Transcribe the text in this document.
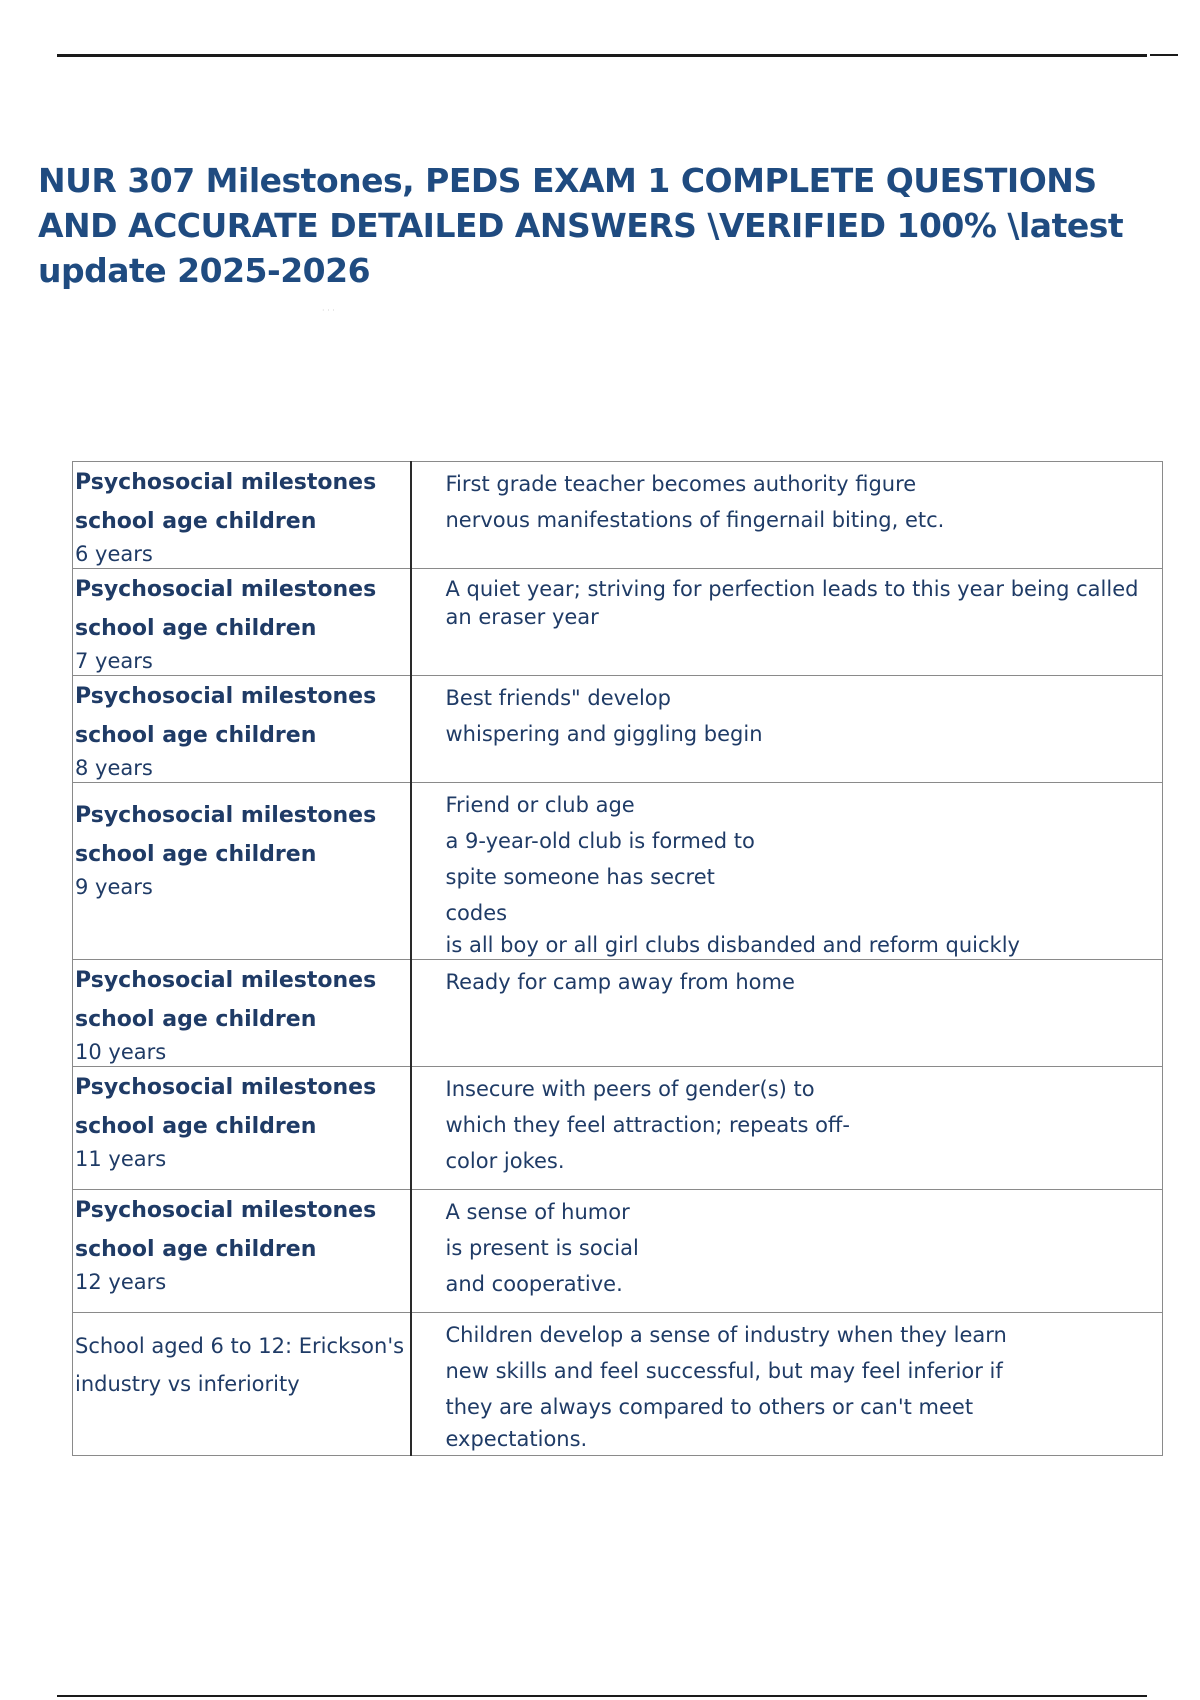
NUR 307 Milestones, PEDS EXAM 1 COMPLETE QUESTIONS AND ACCURATE DETAILED ANSWERS \VERIFIED 100% \latest update 2025-2026
· · ·
Psychosocial milestones
school age children
6 years	First grade teacher becomes authority figure
nervous manifestations of fingernail biting, etc.

Psychosocial milestones
school age children
7 years	A quiet year; striving for perfection leads to this year being called
an eraser year

Psychosocial milestones
school age children
8 years	Best friends" develop
whispering and giggling begin

Psychosocial milestones
school age children
9 years	Friend or club age
a 9-year-old club is formed to
spite someone has secret
codes
is all boy or all girl clubs disbanded and reform quickly

Psychosocial milestones
school age children
10 years	Ready for camp away from home

Psychosocial milestones
school age children
11 years	Insecure with peers of gender(s) to
which they feel attraction; repeats off-
color jokes.

Psychosocial milestones
school age children
12 years	A sense of humor
is present is social
and cooperative.

School aged 6 to 12: Erickson's
industry vs inferiority	Children develop a sense of industry when they learn
new skills and feel successful, but may feel inferior if
they are always compared to others or can't meet
expectations.
